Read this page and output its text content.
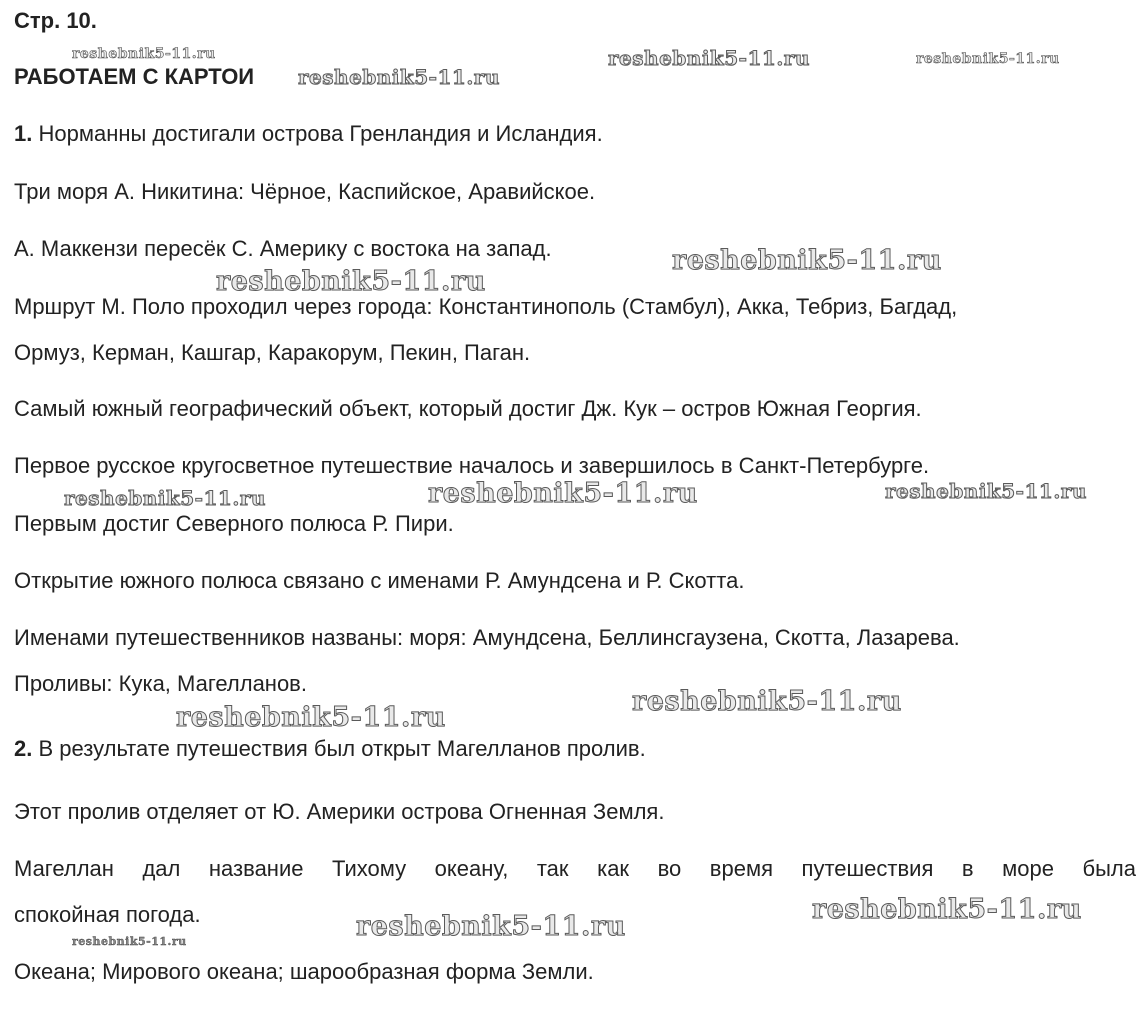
Стр. 10.
РАБОТАЕМ С КАРТОИ
1. Норманны достигали острова Гренландия и Исландия.
Три моря А. Никитина: Чёрное, Каспийское, Аравийское.
А. Маккензи пересёк С. Америку с востока на запад.
Мршрут М. Поло проходил через города: Константинополь (Стамбул), Акка, Тебриз, Багдад,
Ормуз, Керман, Кашгар, Каракорум, Пекин, Паган.
Самый южный географический объект, который достиг Дж. Кук – остров Южная Георгия.
Первое русское кругосветное путешествие началось и завершилось в Санкт-Петербурге.
Первым достиг Северного полюса Р. Пири.
Открытие южного полюса связано с именами Р. Амундсена и Р. Скотта.
Именами путешественников названы: моря: Амундсена, Беллинсгаузена, Скотта, Лазарева.
Проливы: Кука, Магелланов.
2. В результате путешествия был открыт Магелланов пролив.
Этот пролив отделяет от Ю. Америки острова Огненная Земля.
Магеллан дал название Тихому океану, так как во время путешествия в море была
спокойная погода.
Океана; Мирового океана; шарообразная форма Земли.
reshebnik5-11.ru
reshebnik5-11.ru
reshebnik5-11.ru	reshebnik5-11.ru
reshebnik5-11.ru
reshebnik5-11.ru
reshebnik5-11.ru	reshebnik5-11.ru	reshebnik5-11.ru
reshebnik5-11.ru
reshebnik5-11.ru
reshebnik5-11.ru
reshebnik5-11.ru
reshebnik5-11.ru
